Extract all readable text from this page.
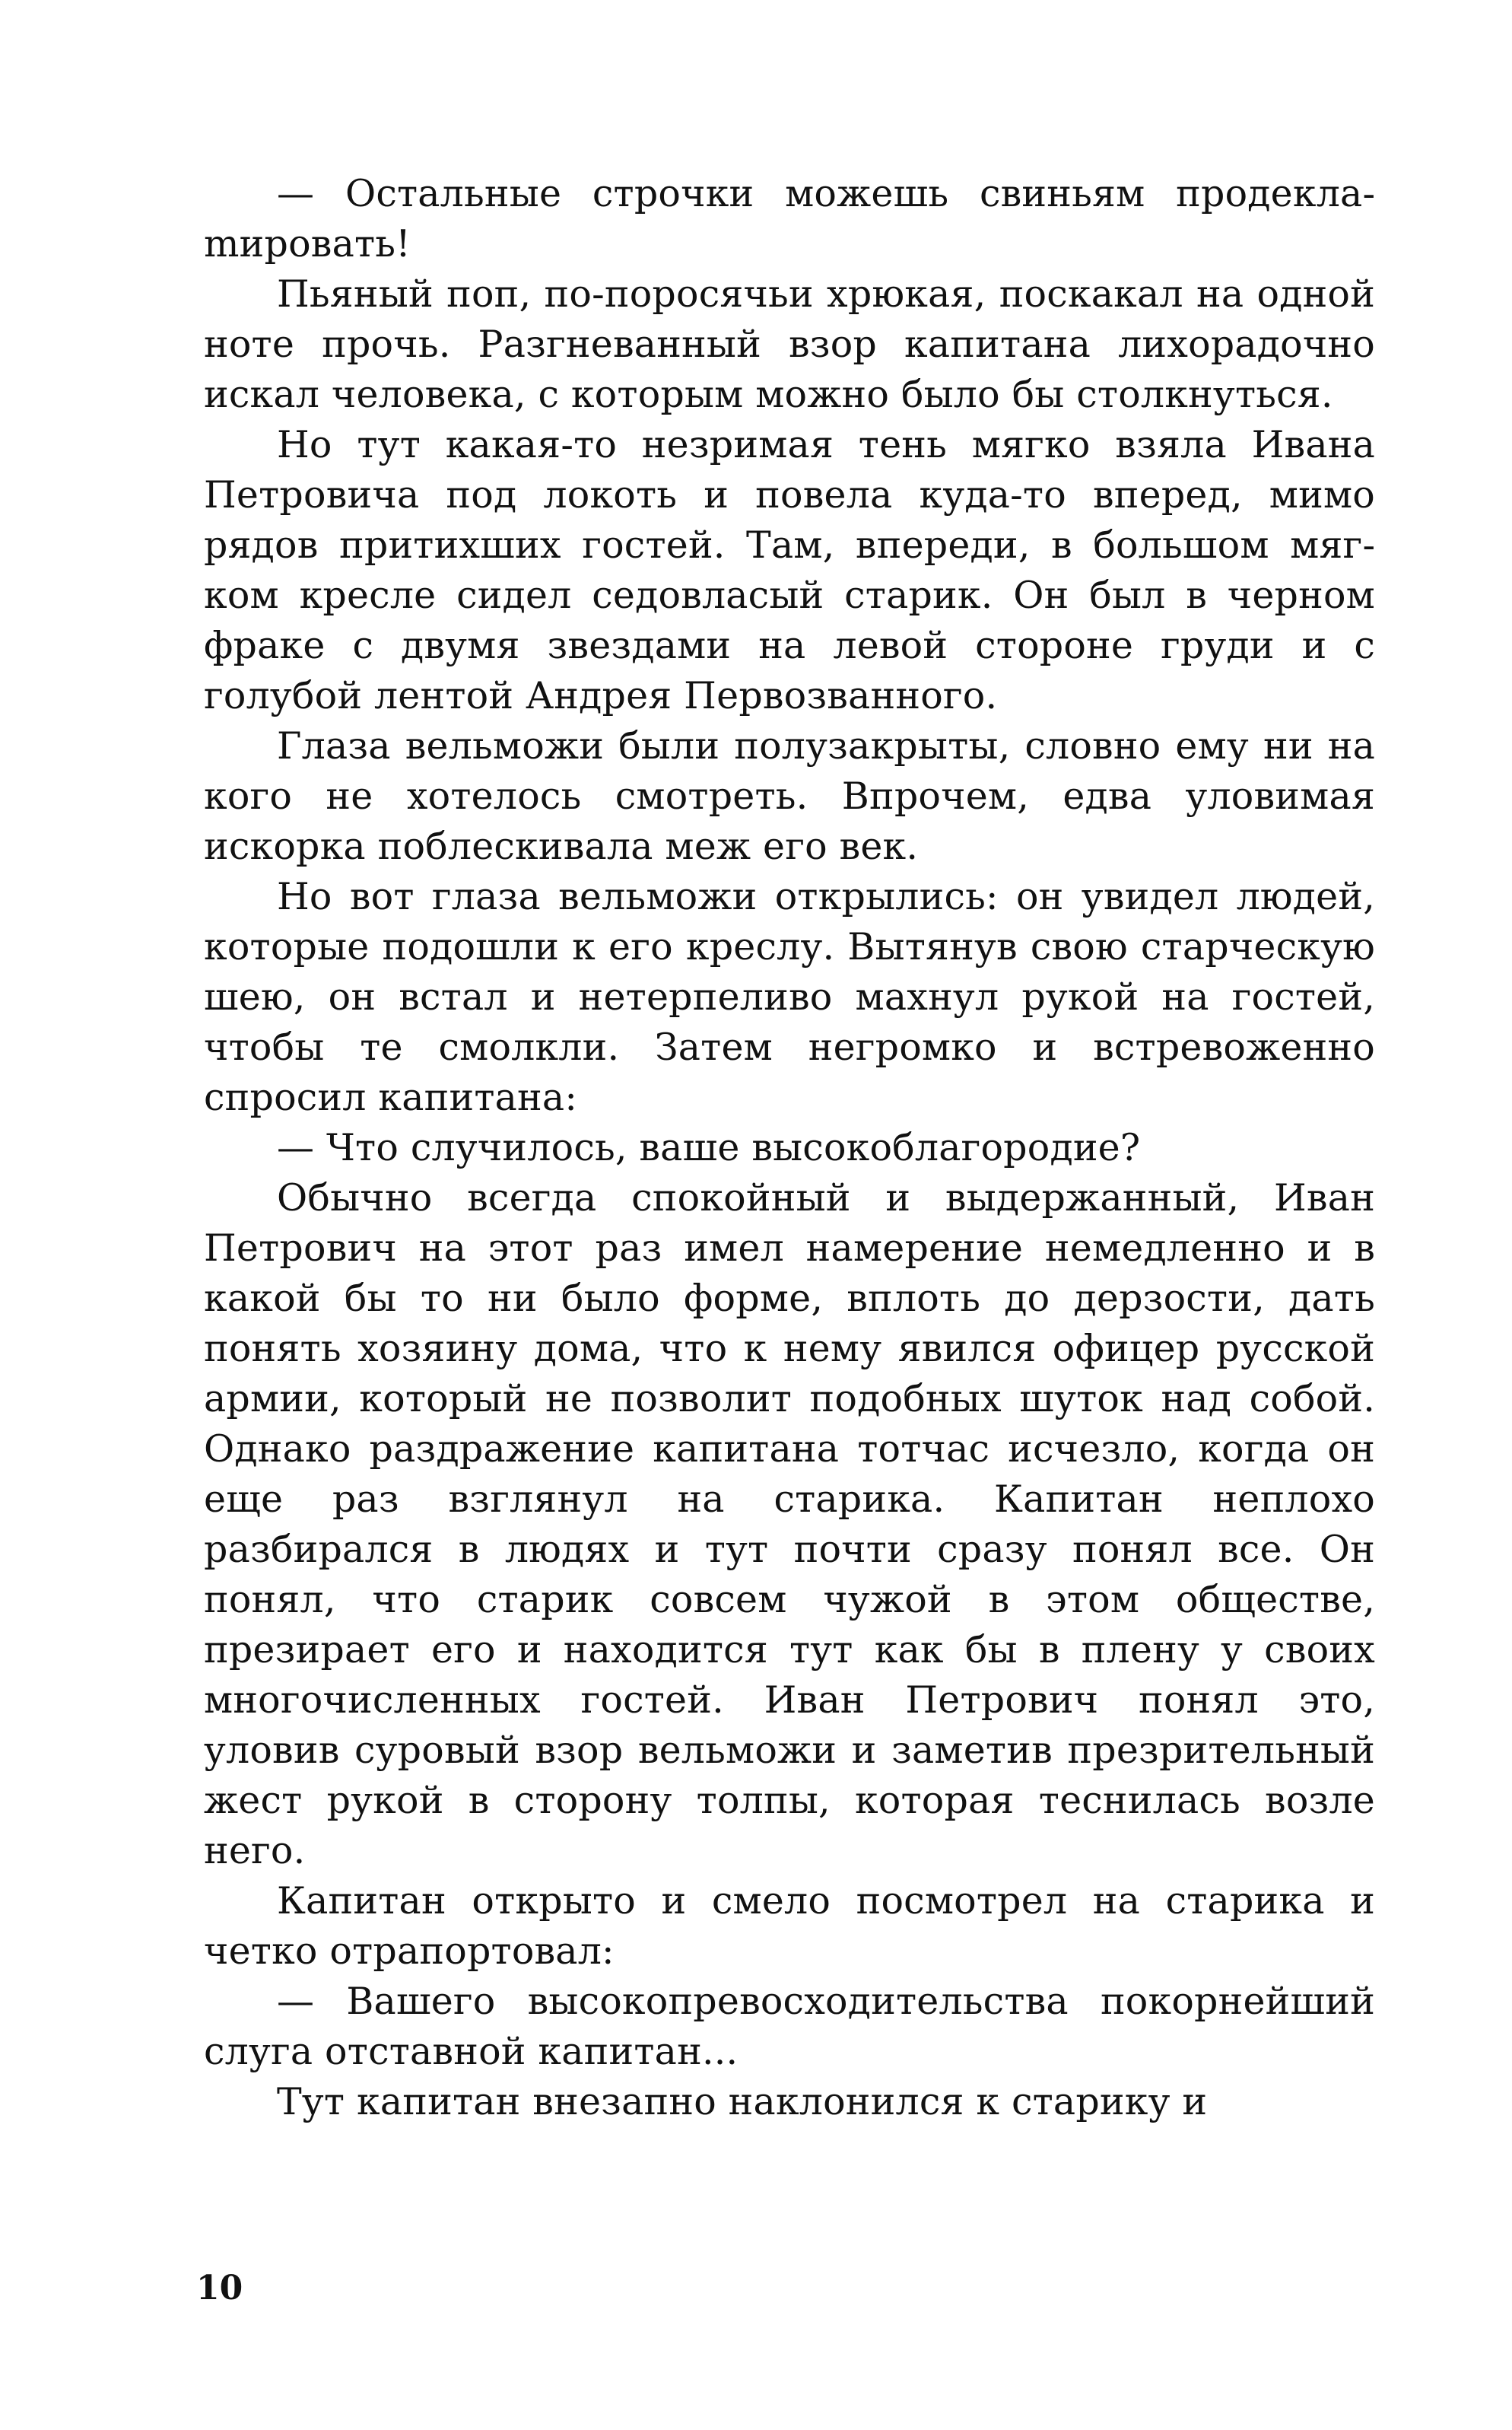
— Остальные строчки можешь свиньям продеклаmировать!

Пьяный поп, по-поросячьи хрюкая, поскакал на одной ноте прочь. Разгневанный взор капитана лихорадочно искал человека, с которым можно было бы столкнуться.

Но тут какая-то незримая тень мягко взяла Ивана Петровича под локоть и повела куда-то вперед, мимо рядов притихших гостей. Там, впереди, в большом мягком кресле сидел седовласый старик. Он был в черном фраке с двумя звездами на левой стороне груди и с голубой лентой Андрея Первозванного.

Глаза вельможи были полузакрыты, словно ему ни на кого не хотелось смотреть. Впрочем, едва уловимая искорка поблескивала меж его век.

Но вот глаза вельможи открылись: он увидел людей, которые подошли к его креслу. Вытянув свою старческую шею, он встал и нетерпеливо махнул рукой на гостей, чтобы те смолкли. Затем негромко и встревоженно спросил капитана:

— Что случилось, ваше высокоблагородие?

Обычно всегда спокойный и выдержанный, Иван Петрович на этот раз имел намерение немедленно и в какой бы то ни было форме, вплоть до дерзости, дать понять хозяину дома, что к нему явился офицер русской армии, который не позволит подобных шуток над собой. Однако раздражение капитана тотчас исчезло, когда он еще раз взглянул на старика. Капитан неплохо разбирался в людях и тут почти сразу понял все. Он понял, что старик совсем чужой в этом обществе, презирает его и находится тут как бы в плену у своих многочисленных гостей. Иван Петрович понял это, уловив суровый взор вельможи и заметив презрительный жест рукой в сторону толпы, которая теснилась возле него.

Капитан открыто и смело посмотрел на старика и четко отрапортовал:

— Вашего высокопревосходительства покорнейший слуга отставной капитан...

Тут капитан внезапно наклонился к старику и

10
